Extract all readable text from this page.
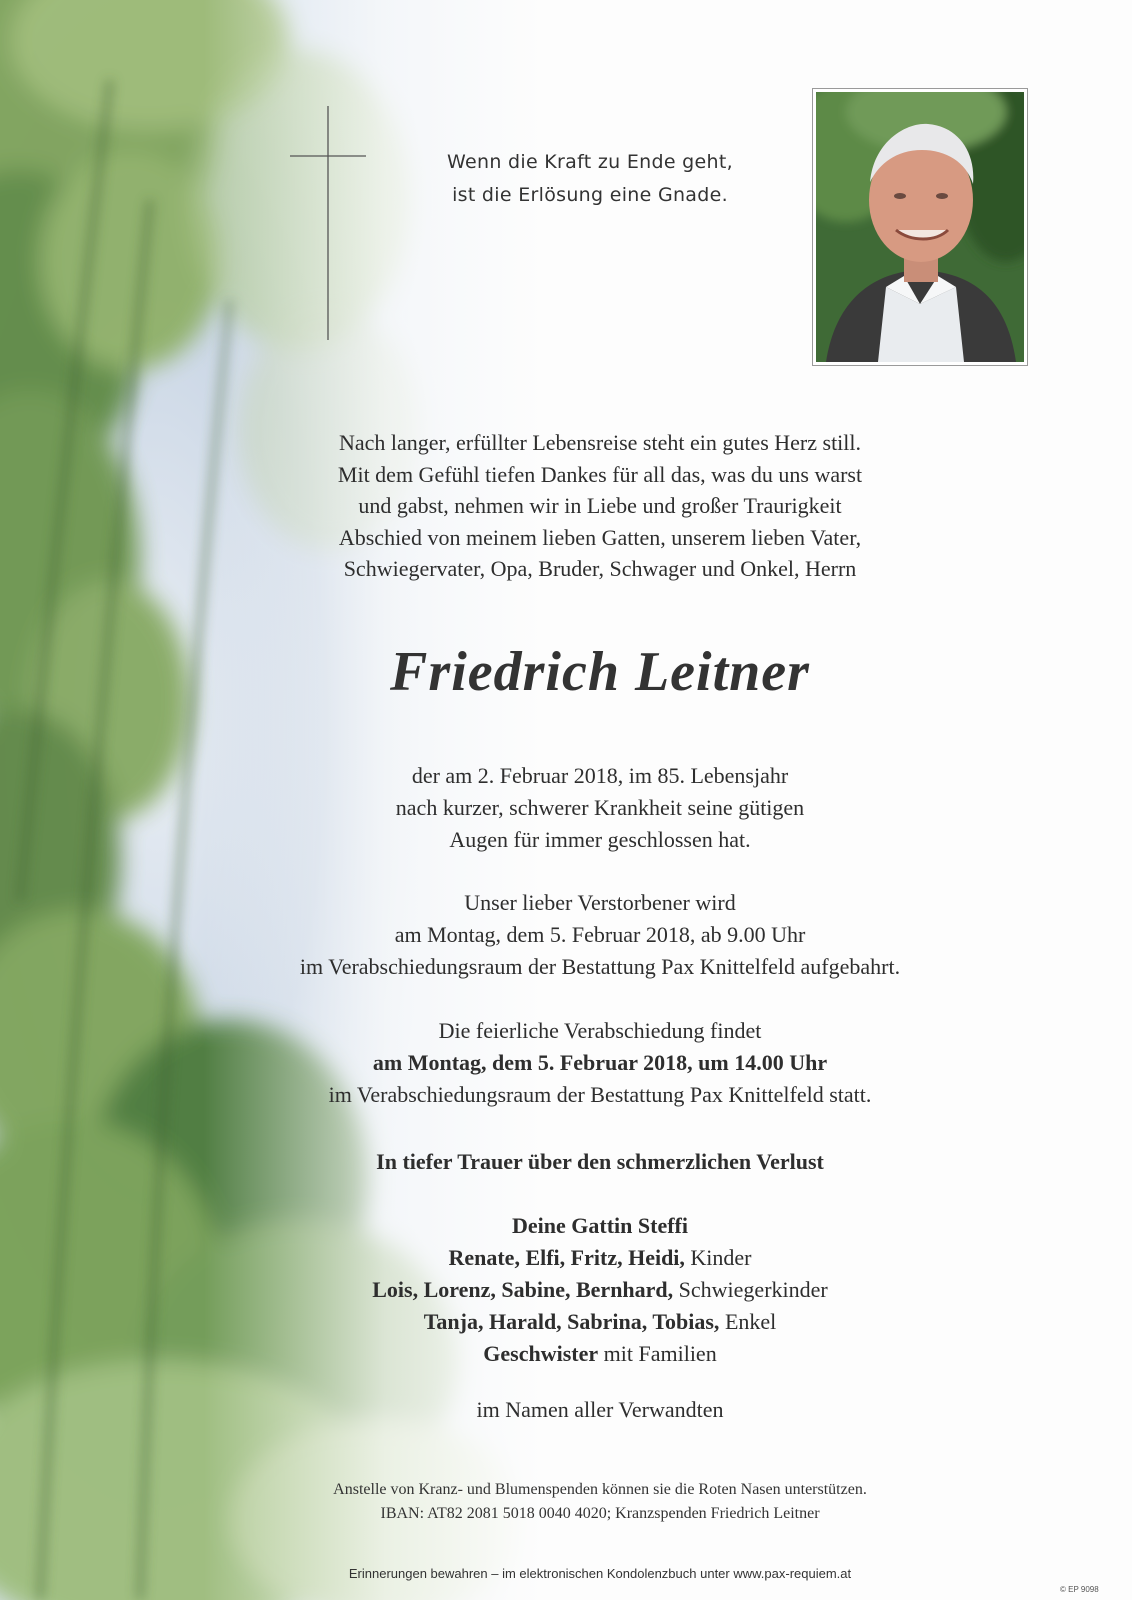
Wenn die Kraft zu Ende geht,
ist die Erlösung eine Gnade.
Nach langer, erfüllter Lebensreise steht ein gutes Herz still.
Mit dem Gefühl tiefen Dankes für all das, was du uns warst
und gabst, nehmen wir in Liebe und großer Traurigkeit
Abschied von meinem lieben Gatten, unserem lieben Vater,
Schwiegervater, Opa, Bruder, Schwager und Onkel, Herrn
Friedrich Leitner
der am 2. Februar 2018, im 85. Lebensjahr
nach kurzer, schwerer Krankheit seine gütigen
Augen für immer geschlossen hat.
Unser lieber Verstorbener wird
am Montag, dem 5. Februar 2018, ab 9.00 Uhr
im Verabschiedungsraum der Bestattung Pax Knittelfeld aufgebahrt.
Die feierliche Verabschiedung findet
am Montag, dem 5. Februar 2018, um 14.00 Uhr
im Verabschiedungsraum der Bestattung Pax Knittelfeld statt.
In tiefer Trauer über den schmerzlichen Verlust
Deine Gattin Steffi
Renate, Elfi, Fritz, Heidi, Kinder
Lois, Lorenz, Sabine, Bernhard, Schwiegerkinder
Tanja, Harald, Sabrina, Tobias, Enkel
Geschwister mit Familien
im Namen aller Verwandten
Anstelle von Kranz- und Blumenspenden können sie die Roten Nasen unterstützen.
IBAN: AT82 2081 5018 0040 4020; Kranzspenden Friedrich Leitner
Erinnerungen bewahren – im elektronischen Kondolenzbuch unter www.pax-requiem.at
© EP 9098
